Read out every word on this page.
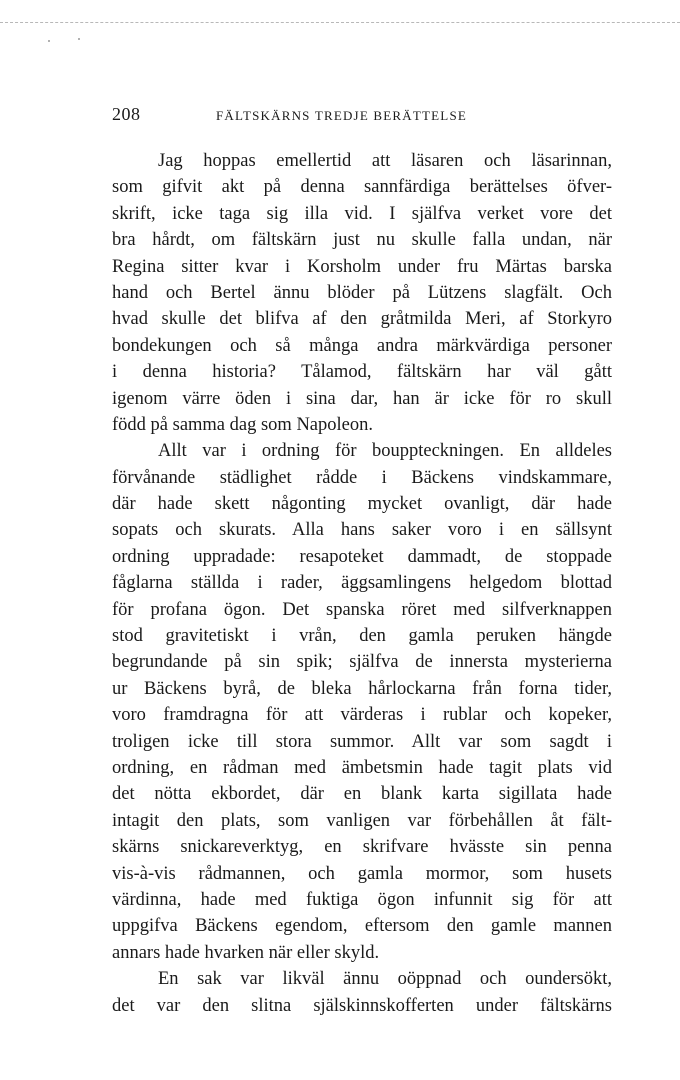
208	FÄLTSKÄRNS TREDJE BERÄTTELSE
Jag hoppas emellertid att läsaren och läsarinnan,
som gifvit akt på denna sannfärdiga berättelses öfver-
skrift, icke taga sig illa vid. I själfva verket vore det
bra hårdt, om fältskärn just nu skulle falla undan, när
Regina sitter kvar i Korsholm under fru Märtas barska
hand och Bertel ännu blöder på Lützens slagfält. Och
hvad skulle det blifva af den gråtmilda Meri, af Storkyro
bondekungen och så många andra märkvärdiga personer
i denna historia? Tålamod, fältskärn har väl gått
igenom värre öden i sina dar, han är icke för ro skull
född på samma dag som Napoleon.
Allt var i ordning för bouppteckningen. En alldeles
förvånande städlighet rådde i Bäckens vindskammare,
där hade skett någonting mycket ovanligt, där hade
sopats och skurats. Alla hans saker voro i en sällsynt
ordning uppradade: resapoteket dammadt, de stoppade
fåglarna ställda i rader, äggsamlingens helgedom blottad
för profana ögon. Det spanska röret med silfverknappen
stod gravitetiskt i vrån, den gamla peruken hängde
begrundande på sin spik; själfva de innersta mysterierna
ur Bäckens byrå, de bleka hårlockarna från forna tider,
voro framdragna för att värderas i rublar och kopeker,
troligen icke till stora summor. Allt var som sagdt i
ordning, en rådman med ämbetsmin hade tagit plats vid
det nötta ekbordet, där en blank karta sigillata hade
intagit den plats, som vanligen var förbehållen åt fält-
skärns snickareverktyg, en skrifvare hvässte sin penna
vis-à-vis rådmannen, och gamla mormor, som husets
värdinna, hade med fuktiga ögon infunnit sig för att
uppgifva Bäckens egendom, eftersom den gamle mannen
annars hade hvarken när eller skyld.
En sak var likväl ännu oöppnad och oundersökt,
det var den slitna själskinnskofferten under fältskärns
